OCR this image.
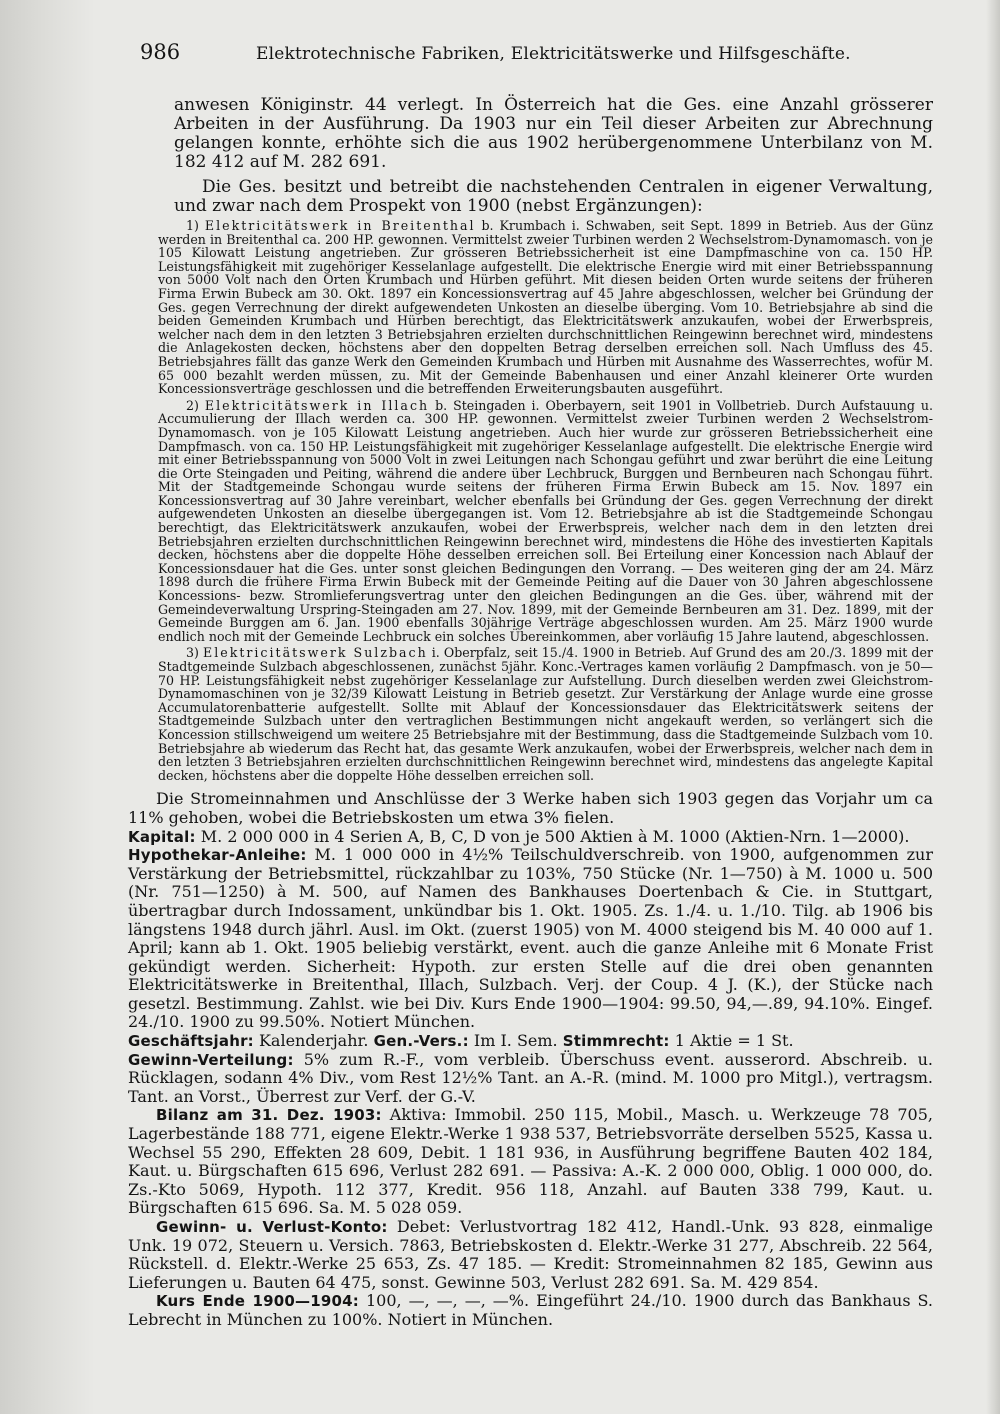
986	Elektrotechnische Fabriken, Elektricitätswerke und Hilfsgeschäfte.

anwesen Königinstr. 44 verlegt. In Österreich hat die Ges. eine Anzahl grösserer Arbeiten in der Ausführung. Da 1903 nur ein Teil dieser Arbeiten zur Abrechnung gelangen konnte, erhöhte sich die aus 1902 herübergenommene Unterbilanz von M. 182 412 auf M. 282 691.

Die Ges. besitzt und betreibt die nachstehenden Centralen in eigener Verwaltung, und zwar nach dem Prospekt von 1900 (nebst Ergänzungen):

1) Elektricitätswerk in Breitenthal b. Krumbach i. Schwaben, seit Sept. 1899 in Betrieb. Aus der Günz werden in Breitenthal ca. 200 HP. gewonnen. Vermittelst zweier Turbinen werden 2 Wechselstrom-Dynamomasch. von je 105 Kilowatt Leistung angetrieben. Zur grösseren Betriebssicherheit ist eine Dampfmaschine von ca. 150 HP. Leistungsfähigkeit mit zugehöriger Kesselanlage aufgestellt. Die elektrische Energie wird mit einer Betriebsspannung von 5000 Volt nach den Orten Krumbach und Hürben geführt. Mit diesen beiden Orten wurde seitens der früheren Firma Erwin Bubeck am 30. Okt. 1897 ein Koncessionsvertrag auf 45 Jahre abgeschlossen, welcher bei Gründung der Ges. gegen Verrechnung der direkt aufgewendeten Unkosten an dieselbe überging. Vom 10. Betriebsjahre ab sind die beiden Gemeinden Krumbach und Hürben berechtigt, das Elektricitätswerk anzukaufen, wobei der Erwerbspreis, welcher nach dem in den letzten 3 Betriebsjahren erzielten durchschnittlichen Reingewinn berechnet wird, mindestens die Anlagekosten decken, höchstens aber den doppelten Betrag derselben erreichen soll. Nach Umfluss des 45. Betriebsjahres fällt das ganze Werk den Gemeinden Krumbach und Hürben mit Ausnahme des Wasserrechtes, wofür M. 65 000 bezahlt werden müssen, zu. Mit der Gemeinde Babenhausen und einer Anzahl kleinerer Orte wurden Koncessionsverträge geschlossen und die betreffenden Erweiterungsbauten ausgeführt.

2) Elektricitätswerk in Illach b. Steingaden i. Oberbayern, seit 1901 in Vollbetrieb. Durch Aufstauung u. Accumulierung der Illach werden ca. 300 HP. gewonnen. Vermittelst zweier Turbinen werden 2 Wechselstrom-Dynamomasch. von je 105 Kilowatt Leistung angetrieben. Auch hier wurde zur grösseren Betriebssicherheit eine Dampfmasch. von ca. 150 HP. Leistungsfähigkeit mit zugehöriger Kesselanlage aufgestellt. Die elektrische Energie wird mit einer Betriebsspannung von 5000 Volt in zwei Leitungen nach Schongau geführt und zwar berührt die eine Leitung die Orte Steingaden und Peiting, während die andere über Lechbruck, Burggen und Bernbeuren nach Schongau führt. Mit der Stadtgemeinde Schongau wurde seitens der früheren Firma Erwin Bubeck am 15. Nov. 1897 ein Koncessionsvertrag auf 30 Jahre vereinbart, welcher ebenfalls bei Gründung der Ges. gegen Verrechnung der direkt aufgewendeten Unkosten an dieselbe übergegangen ist. Vom 12. Betriebsjahre ab ist die Stadtgemeinde Schongau berechtigt, das Elektricitätswerk anzukaufen, wobei der Erwerbspreis, welcher nach dem in den letzten drei Betriebsjahren erzielten durchschnittlichen Reingewinn berechnet wird, mindestens die Höhe des investierten Kapitals decken, höchstens aber die doppelte Höhe desselben erreichen soll. Bei Erteilung einer Koncession nach Ablauf der Koncessionsdauer hat die Ges. unter sonst gleichen Bedingungen den Vorrang. — Des weiteren ging der am 24. März 1898 durch die frühere Firma Erwin Bubeck mit der Gemeinde Peiting auf die Dauer von 30 Jahren abgeschlossene Koncessions- bezw. Stromlieferungsvertrag unter den gleichen Bedingungen an die Ges. über, während mit der Gemeindeverwaltung Urspring-Steingaden am 27. Nov. 1899, mit der Gemeinde Bernbeuren am 31. Dez. 1899, mit der Gemeinde Burggen am 6. Jan. 1900 ebenfalls 30jährige Verträge abgeschlossen wurden. Am 25. März 1900 wurde endlich noch mit der Gemeinde Lechbruck ein solches Übereinkommen, aber vorläufig 15 Jahre lautend, abgeschlossen.

3) Elektricitätswerk Sulzbach i. Oberpfalz, seit 15./4. 1900 in Betrieb. Auf Grund des am 20./3. 1899 mit der Stadtgemeinde Sulzbach abgeschlossenen, zunächst 5jähr. Konc.-Vertrages kamen vorläufig 2 Dampfmasch. von je 50—70 HP. Leistungsfähigkeit nebst zugehöriger Kesselanlage zur Aufstellung. Durch dieselben werden zwei Gleichstrom-Dynamomaschinen von je 32/39 Kilowatt Leistung in Betrieb gesetzt. Zur Verstärkung der Anlage wurde eine grosse Accumulatorenbatterie aufgestellt. Sollte mit Ablauf der Koncessionsdauer das Elektricitätswerk seitens der Stadtgemeinde Sulzbach unter den vertraglichen Bestimmungen nicht angekauft werden, so verlängert sich die Koncession stillschweigend um weitere 25 Betriebsjahre mit der Bestimmung, dass die Stadtgemeinde Sulzbach vom 10. Betriebsjahre ab wiederum das Recht hat, das gesamte Werk anzukaufen, wobei der Erwerbspreis, welcher nach dem in den letzten 3 Betriebsjahren erzielten durchschnittlichen Reingewinn berechnet wird, mindestens das angelegte Kapital decken, höchstens aber die doppelte Höhe desselben erreichen soll.

Die Stromeinnahmen und Anschlüsse der 3 Werke haben sich 1903 gegen das Vorjahr um ca 11% gehoben, wobei die Betriebskosten um etwa 3% fielen.

Kapital: M. 2 000 000 in 4 Serien A, B, C, D von je 500 Aktien à M. 1000 (Aktien-Nrn. 1—2000).

Hypothekar-Anleihe: M. 1 000 000 in 4½% Teilschuldverschreib. von 1900, aufgenommen zur Verstärkung der Betriebsmittel, rückzahlbar zu 103%, 750 Stücke (Nr. 1—750) à M. 1000 u. 500 (Nr. 751—1250) à M. 500, auf Namen des Bankhauses Doertenbach & Cie. in Stuttgart, übertragbar durch Indossament, unkündbar bis 1. Okt. 1905. Zs. 1./4. u. 1./10. Tilg. ab 1906 bis längstens 1948 durch jährl. Ausl. im Okt. (zuerst 1905) von M. 4000 steigend bis M. 40 000 auf 1. April; kann ab 1. Okt. 1905 beliebig verstärkt, event. auch die ganze Anleihe mit 6 Monate Frist gekündigt werden. Sicherheit: Hypoth. zur ersten Stelle auf die drei oben genannten Elektricitätswerke in Breitenthal, Illach, Sulzbach. Verj. der Coup. 4 J. (K.), der Stücke nach gesetzl. Bestimmung. Zahlst. wie bei Div. Kurs Ende 1900—1904: 99.50, 94,—.89, 94.10%. Eingef. 24./10. 1900 zu 99.50%. Notiert München.

Geschäftsjahr: Kalenderjahr. Gen.-Vers.: Im I. Sem. Stimmrecht: 1 Aktie = 1 St.

Gewinn-Verteilung: 5% zum R.-F., vom verbleib. Überschuss event. ausserord. Abschreib. u. Rücklagen, sodann 4% Div., vom Rest 12½% Tant. an A.-R. (mind. M. 1000 pro Mitgl.), vertragsm. Tant. an Vorst., Überrest zur Verf. der G.-V.

Bilanz am 31. Dez. 1903: Aktiva: Immobil. 250 115, Mobil., Masch. u. Werkzeuge 78 705, Lagerbestände 188 771, eigene Elektr.-Werke 1 938 537, Betriebsvorräte derselben 5525, Kassa u. Wechsel 55 290, Effekten 28 609, Debit. 1 181 936, in Ausführung begriffene Bauten 402 184, Kaut. u. Bürgschaften 615 696, Verlust 282 691. — Passiva: A.-K. 2 000 000, Oblig. 1 000 000, do. Zs.-Kto 5069, Hypoth. 112 377, Kredit. 956 118, Anzahl. auf Bauten 338 799, Kaut. u. Bürgschaften 615 696. Sa. M. 5 028 059.

Gewinn- u. Verlust-Konto: Debet: Verlustvortrag 182 412, Handl.-Unk. 93 828, einmalige Unk. 19 072, Steuern u. Versich. 7863, Betriebskosten d. Elektr.-Werke 31 277, Abschreib. 22 564, Rückstell. d. Elektr.-Werke 25 653, Zs. 47 185. — Kredit: Stromeinnahmen 82 185, Gewinn aus Lieferungen u. Bauten 64 475, sonst. Gewinne 503, Verlust 282 691. Sa. M. 429 854.

Kurs Ende 1900—1904: 100, —, —, —, —%. Eingeführt 24./10. 1900 durch das Bankhaus S. Lebrecht in München zu 100%. Notiert in München.
